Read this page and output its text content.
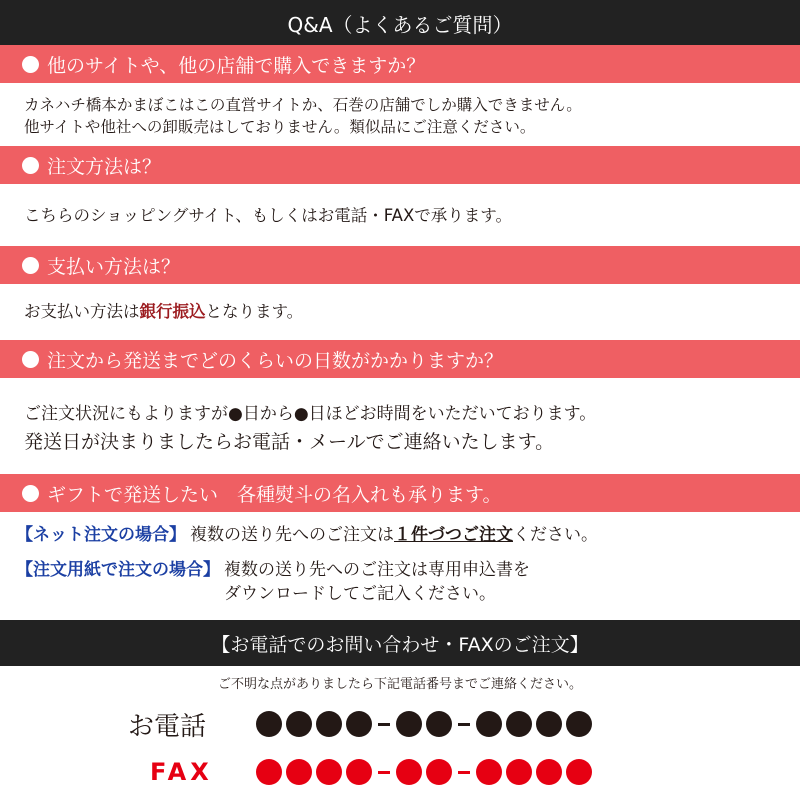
Q&A（よくあるご質問）
他のサイトや、他の店舗で購入できますか？
カネハチ橋本かまぼこはこの直営サイトか、石巻の店舗でしか購入できません。
他サイトや他社への卸販売はしておりません。類似品にご注意ください。
注文方法は？
こちらのショッピングサイト、もしくはお電話・FAXで承ります。
支払い方法は？
お支払い方法は銀行振込となります。
注文から発送までどのくらいの日数がかかりますか？
ご注文状況にもよりますが●日から●日ほどお時間をいただいております。
発送日が決まりましたらお電話・メールでご連絡いたします。
ギフトで発送したい　各種熨斗の名入れも承ります。
【ネット注文の場合】 複数の送り先へのご注文は１件づつご注文ください。
【注文用紙で注文の場合】 複数の送り先へのご注文は専用申込書を
ダウンロードしてご記入ください。
【お電話でのお問い合わせ・FAXのご注文】
ご不明な点がありましたら下記電話番号までご連絡ください。
お電話
FAX
